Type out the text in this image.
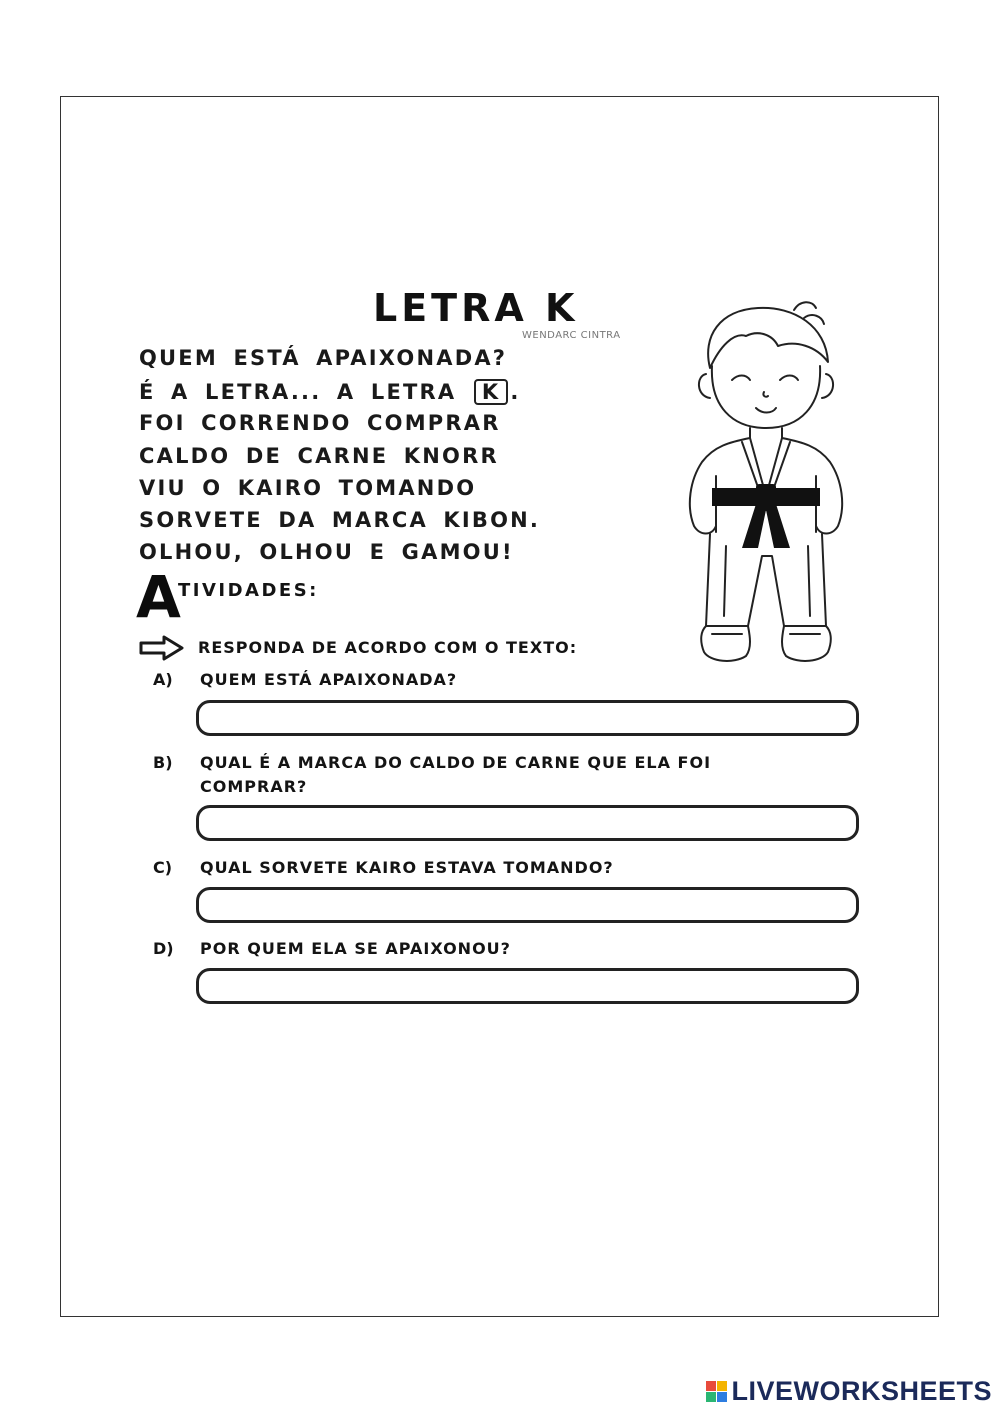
LETRA K
WENDARC CINTRA
QUEM ESTÁ APAIXONADA?
É A LETRA... A LETRA K .
FOI CORRENDO COMPRAR
CALDO DE CARNE KNORR
VIU O KAIRO TOMANDO
SORVETE DA MARCA KIBON.
OLHOU, OLHOU E GAMOU!
A
TIVIDADES:
RESPONDA DE ACORDO COM O TEXTO:
A) QUEM ESTÁ APAIXONADA?
B) QUAL É A MARCA DO CALDO DE CARNE QUE ELA FOI
COMPRAR?
C) QUAL SORVETE KAIRO ESTAVA TOMANDO?
D) POR QUEM ELA SE APAIXONOU?
LIVEWORKSHEETS
